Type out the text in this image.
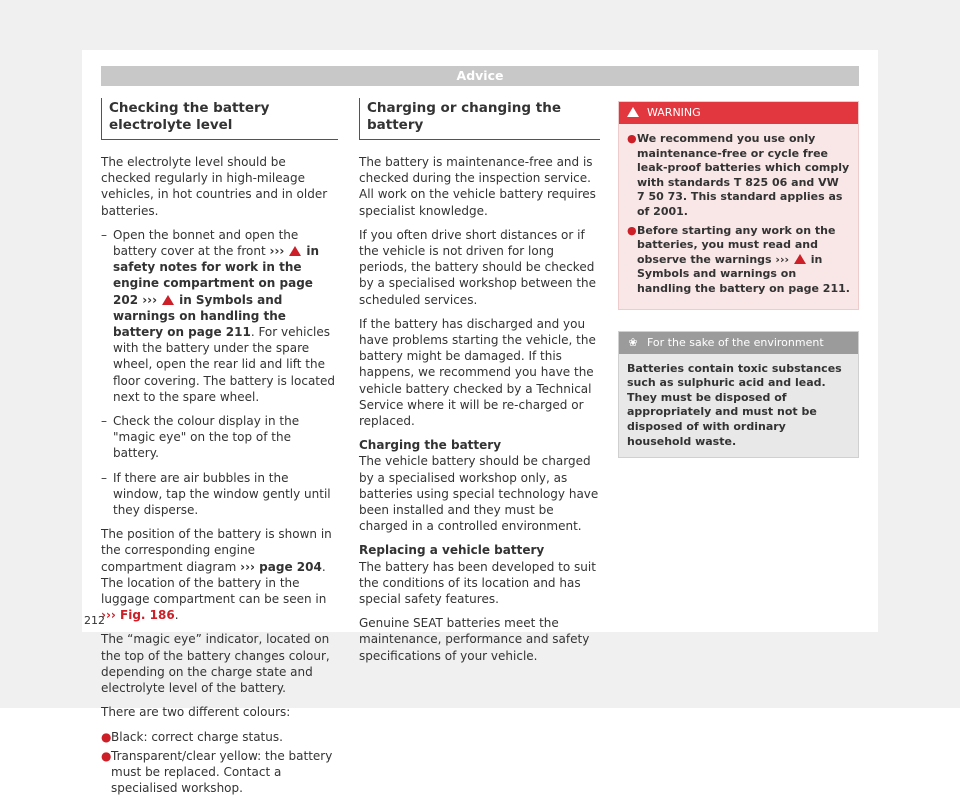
Advice
Checking the battery electrolyte level

The electrolyte level should be checked regularly in high-mileage vehicles, in hot countries and in older batteries.

– Open the bonnet and open the battery cover at the front ›››  in safety notes for work in the engine compartment on page 202 ›››  in Symbols and warnings on handling the battery on page 211. For vehicles with the battery under the spare wheel, open the rear lid and lift the floor covering. The battery is located next to the spare wheel.
– Check the colour display in the "magic eye" on the top of the battery.
– If there are air bubbles in the window, tap the window gently until they disperse.

The position of the battery is shown in the corresponding engine compartment diagram ››› page 204. The location of the battery in the luggage compartment can be seen in ››› Fig. 186.

The “magic eye” indicator, located on the top of the battery changes colour, depending on the charge state and electrolyte level of the battery.

There are two different colours:

● Black: correct charge status.
● Transparent/clear yellow: the battery must be replaced. Contact a specialised workshop.
Charging or changing the battery

The battery is maintenance-free and is checked during the inspection service. All work on the vehicle battery requires specialist knowledge.

If you often drive short distances or if the vehicle is not driven for long periods, the battery should be checked by a specialised workshop between the scheduled services.

If the battery has discharged and you have problems starting the vehicle, the battery might be damaged. If this happens, we recommend you have the vehicle battery checked by a Technical Service where it will be re-charged or replaced.

Charging the battery

The vehicle battery should be charged by a specialised workshop only, as batteries using special technology have been installed and they must be charged in a controlled environment.

Replacing a vehicle battery

The battery has been developed to suit the conditions of its location and has special safety features.

Genuine SEAT batteries meet the maintenance, performance and safety specifications of your vehicle.

WARNING
● We recommend you use only maintenance-free or cycle free leak-proof batteries which comply with standards T 825 06 and VW 7 50 73. This standard applies as of 2001.
● Before starting any work on the batteries, you must read and observe the warnings ›››  in Symbols and warnings on handling the battery on page 211.
❀ For the sake of the environment
Batteries contain toxic substances such as sulphuric acid and lead. They must be disposed of appropriately and must not be disposed of with ordinary household waste.
212
